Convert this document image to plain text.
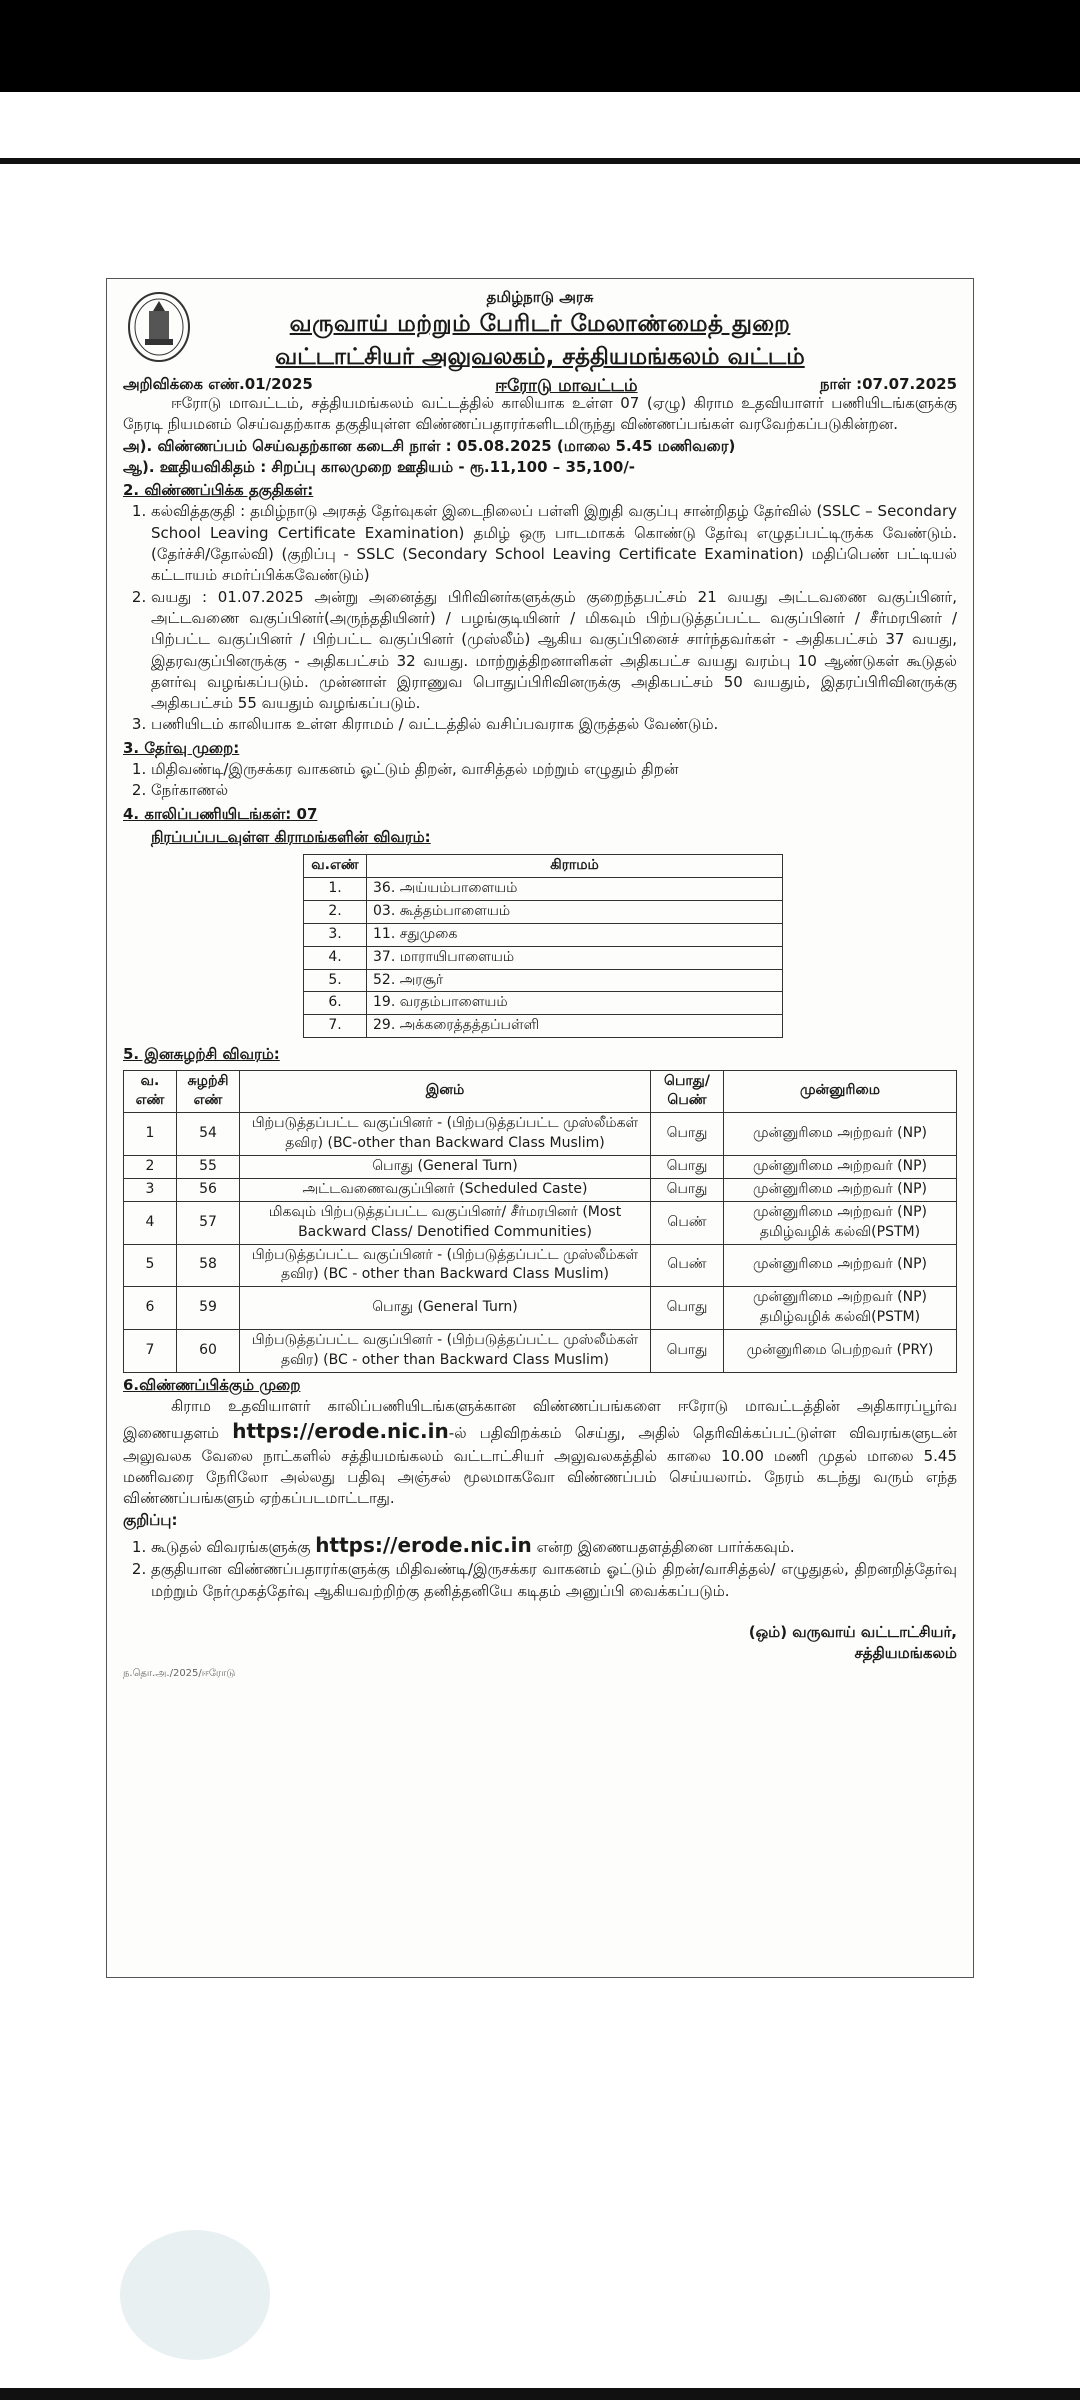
தமிழ்நாடு அரசு
வருவாய் மற்றும் பேரிடர் மேலாண்மைத் துறை
வட்டாட்சியர் அலுவலகம், சத்தியமங்கலம் வட்டம்
அறிவிக்கை எண்.01/2025	ஈரோடு மாவட்டம்	நாள் :07.07.2025

ஈரோடு மாவட்டம், சத்தியமங்கலம் வட்டத்தில் காலியாக உள்ள 07 (ஏழு) கிராம உதவியாளர் பணியிடங்களுக்கு நேரடி நியமனம் செய்வதற்காக தகுதியுள்ள விண்ணப்பதாரர்களிடமிருந்து விண்ணப்பங்கள் வரவேற்கப்படுகின்றன.

அ). விண்ணப்பம் செய்வதற்கான கடைசி நாள் : 05.08.2025 (மாலை 5.45 மணிவரை)

ஆ). ஊதியவிகிதம் : சிறப்பு காலமுறை ஊதியம் - ரூ.11,100 – 35,100/-

2. விண்ணப்பிக்க தகுதிகள்:
1. கல்வித்தகுதி : தமிழ்நாடு அரசுத் தேர்வுகள் இடைநிலைப் பள்ளி இறுதி வகுப்பு சான்றிதழ் தேர்வில் (SSLC – Secondary School Leaving Certificate Examination) தமிழ் ஒரு பாடமாகக் கொண்டு தேர்வு எழுதப்பட்டிருக்க வேண்டும். (தேர்ச்சி/தோல்வி) (குறிப்பு - SSLC (Secondary School Leaving Certificate Examination) மதிப்பெண் பட்டியல் கட்டாயம் சமர்ப்பிக்கவேண்டும்)
2. வயது : 01.07.2025 அன்று அனைத்து பிரிவினர்களுக்கும் குறைந்தபட்சம் 21 வயது அட்டவணை வகுப்பினர், அட்டவணை வகுப்பினர்(அருந்ததியினர்) / பழங்குடியினர் / மிகவும் பிற்படுத்தப்பட்ட வகுப்பினர் / சீர்மரபினர் / பிற்பட்ட வகுப்பினர் / பிற்பட்ட வகுப்பினர் (முஸ்லீம்) ஆகிய வகுப்பினைச் சார்ந்தவர்கள் - அதிகபட்சம் 37 வயது, இதரவகுப்பினருக்கு - அதிகபட்சம் 32 வயது. மாற்றுத்திறனாளிகள் அதிகபட்ச வயது வரம்பு 10 ஆண்டுகள் கூடுதல் தளர்வு வழங்கப்படும். முன்னாள் இராணுவ பொதுப்பிரிவினருக்கு அதிகபட்சம் 50 வயதும், இதரப்பிரிவினருக்கு அதிகபட்சம் 55 வயதும் வழங்கப்படும்.
3. பணியிடம் காலியாக உள்ள கிராமம் / வட்டத்தில் வசிப்பவராக இருத்தல் வேண்டும்.
3. தேர்வு முறை:
1. மிதிவண்டி/இருசக்கர வாகனம் ஓட்டும் திறன், வாசித்தல் மற்றும் எழுதும் திறன்
2. நேர்காணல்
4. காலிப்பணியிடங்கள்: 07
நிரப்பப்படவுள்ள கிராமங்களின் விவரம்:
வ.எண்	கிராமம்
1.	36. அய்யம்பாளையம்
2.	03. கூத்தம்பாளையம்
3.	11. சதுமுகை
4.	37. மாராயிபாளையம்
5.	52. அரசூர்
6.	19. வரதம்பாளையம்
7.	29. அக்கரைத்தத்தப்பள்ளி
5. இனசுழற்சி விவரம்:
வ. எண்	சுழற்சி எண்	இனம்	பொது/ பெண்	முன்னுரிமை
1	54	பிற்படுத்தப்பட்ட வகுப்பினர் - (பிற்படுத்தப்பட்ட முஸ்லீம்கள் தவிர) (BC-other than Backward Class Muslim)	பொது	முன்னுரிமை அற்றவர் (NP)
2	55	பொது (General Turn)	பொது	முன்னுரிமை அற்றவர் (NP)
3	56	அட்டவணைவகுப்பினர் (Scheduled Caste)	பொது	முன்னுரிமை அற்றவர் (NP)
4	57	மிகவும் பிற்படுத்தப்பட்ட வகுப்பினர்/ சீர்மரபினர் (Most Backward Class/ Denotified Communities)	பெண்	முன்னுரிமை அற்றவர் (NP) தமிழ்வழிக் கல்வி(PSTM)
5	58	பிற்படுத்தப்பட்ட வகுப்பினர் - (பிற்படுத்தப்பட்ட முஸ்லீம்கள் தவிர) (BC - other than Backward Class Muslim)	பெண்	முன்னுரிமை அற்றவர் (NP)
6	59	பொது (General Turn)	பொது	முன்னுரிமை அற்றவர் (NP) தமிழ்வழிக் கல்வி(PSTM)
7	60	பிற்படுத்தப்பட்ட வகுப்பினர் - (பிற்படுத்தப்பட்ட முஸ்லீம்கள் தவிர) (BC - other than Backward Class Muslim)	பொது	முன்னுரிமை பெற்றவர் (PRY)
6.விண்ணப்பிக்கும் முறை

கிராம உதவியாளர் காலிப்பணியிடங்களுக்கான விண்ணப்பங்களை ஈரோடு மாவட்டத்தின் அதிகாரப்பூர்வ இணையதளம் https://erode.nic.in-ல் பதிவிறக்கம் செய்து, அதில் தெரிவிக்கப்பட்டுள்ள விவரங்களுடன் அலுவலக வேலை நாட்களில் சத்தியமங்கலம் வட்டாட்சியர் அலுவலகத்தில் காலை 10.00 மணி முதல் மாலை 5.45 மணிவரை நேரிலோ அல்லது பதிவு அஞ்சல் மூலமாகவோ விண்ணப்பம் செய்யலாம். நேரம் கடந்து வரும் எந்த விண்ணப்பங்களும் ஏற்கப்படமாட்டாது.

குறிப்பு:
1. கூடுதல் விவரங்களுக்கு https://erode.nic.in என்ற இணையதளத்தினை பார்க்கவும்.
2. தகுதியான விண்ணப்பதாரர்களுக்கு மிதிவண்டி/இருசக்கர வாகனம் ஓட்டும் திறன்/வாசித்தல்/ எழுதுதல், திறனறித்தேர்வு மற்றும் நேர்முகத்தேர்வு ஆகியவற்றிற்கு தனித்தனியே கடிதம் அனுப்பி வைக்கப்படும்.
(ஒம்) வருவாய் வட்டாட்சியர்,
சத்தியமங்கலம்
ந.தொ.அ./2025/ஈரோடு
